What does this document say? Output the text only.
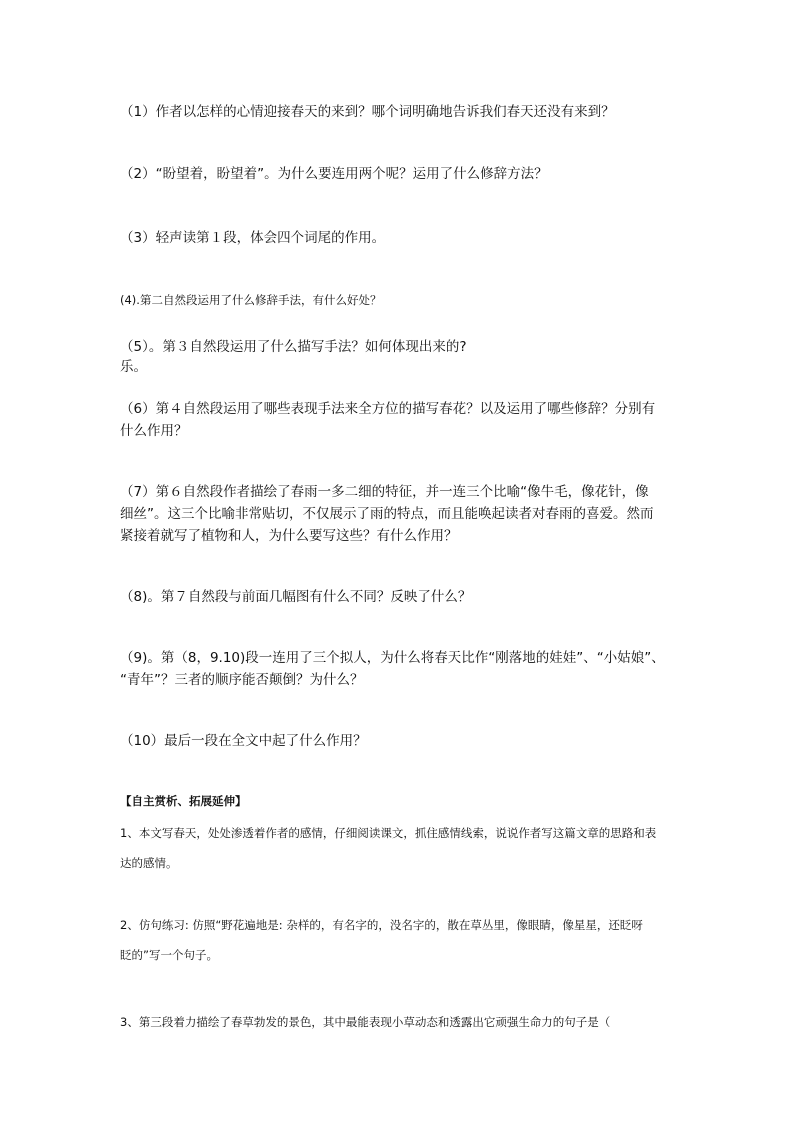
（1）作者以怎样的心情迎接春天的来到？哪个词明确地告诉我们春天还没有来到？
（2）“盼望着，盼望着”。为什么要连用两个呢？运用了什么修辞方法？
（3）轻声读第１段，体会四个词尾的作用。
(4).第二自然段运用了什么修辞手法，有什么好处？
（5）。第３自然段运用了什么描写手法？如何体现出来的?
乐。
（6）第４自然段运用了哪些表现手法来全方位的描写春花？以及运用了哪些修辞？分别有
什么作用？
（7）第６自然段作者描绘了春雨一多二细的特征，并一连三个比喻“像牛毛，像花针，像
细丝”。这三个比喻非常贴切，不仅展示了雨的特点，而且能唤起读者对春雨的喜爱。然而
紧接着就写了植物和人，为什么要写这些？有什么作用？
（8)。第７自然段与前面几幅图有什么不同？反映了什么？
（9)。第（8，9.10)段一连用了三个拟人，为什么将春天比作“刚落地的娃娃”、“小姑娘”、
“青年”？三者的顺序能否颠倒？为什么？
（10）最后一段在全文中起了什么作用？
【自主赏析、拓展延伸】
1、本文写春天，处处渗透着作者的感情，仔细阅读课文，抓住感情线索，说说作者写这篇文章的思路和表
达的感情。
2、仿句练习: 仿照“野花遍地是: 杂样的，有名字的，没名字的，散在草丛里，像眼睛，像星星，还眨呀
眨的”写一个句子。
3、第三段着力描绘了春草勃发的景色，其中最能表现小草动态和透露出它顽强生命力的句子是（
